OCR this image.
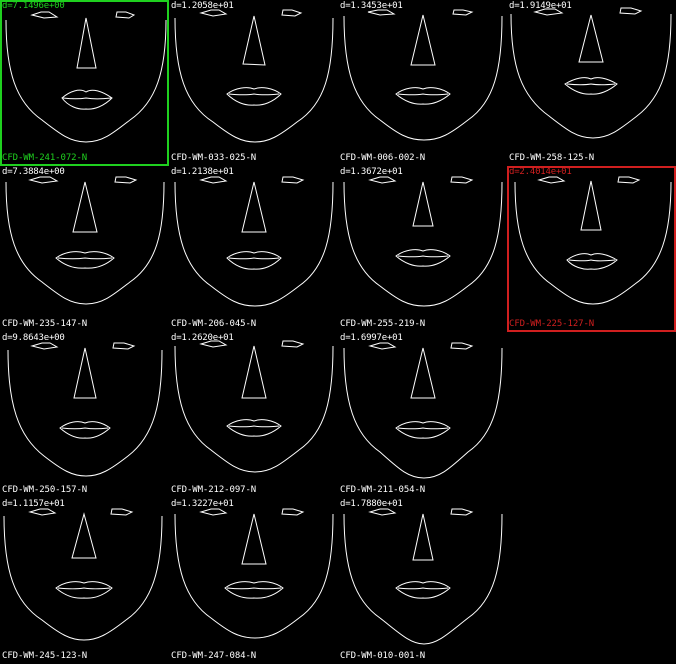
d=7.1496e+00
CFD-WM-241-072-N
d=1.2058e+01
CFD-WM-033-025-N
d=1.3453e+01
CFD-WM-006-002-N
d=1.9149e+01
CFD-WM-258-125-N
d=7.3884e+00
CFD-WM-235-147-N
d=1.2138e+01
CFD-WM-206-045-N
d=1.3672e+01
CFD-WM-255-219-N
d=2.4014e+01
CFD-WM-225-127-N
d=9.8643e+00
CFD-WM-250-157-N
d=1.2620e+01
CFD-WM-212-097-N
d=1.6997e+01
CFD-WM-211-054-N
d=1.1157e+01
CFD-WM-245-123-N
d=1.3227e+01
CFD-WM-247-084-N
d=1.7880e+01
CFD-WM-010-001-N
